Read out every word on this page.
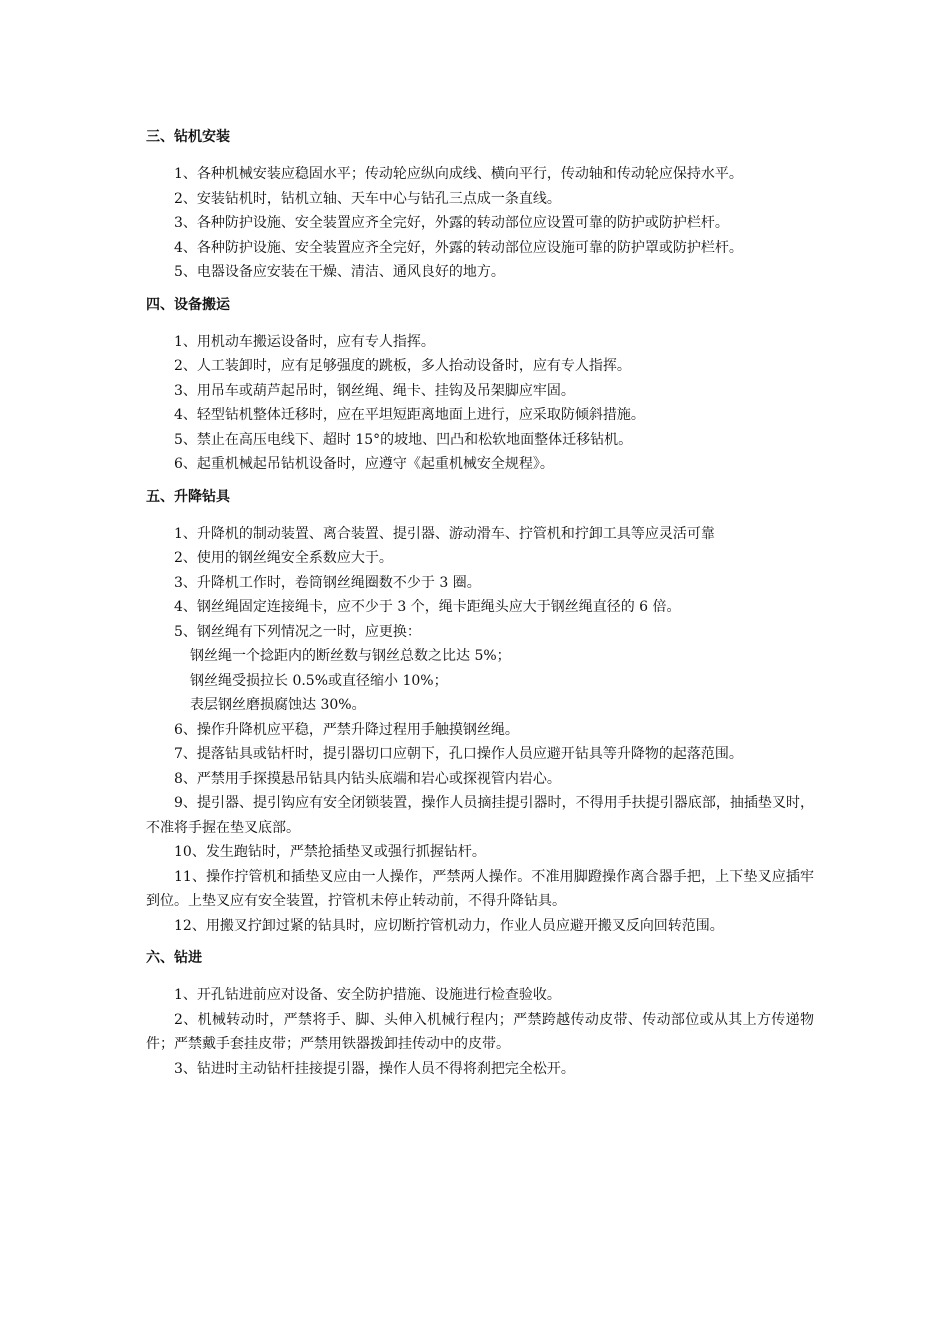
三、钻机安装

1、各种机械安装应稳固水平；传动轮应纵向成线、横向平行，传动轴和传动轮应保持水平。

2、安装钻机时，钻机立轴、天车中心与钻孔三点成一条直线。

3、各种防护设施、安全装置应齐全完好，外露的转动部位应设置可靠的防护或防护栏杆。

4、各种防护设施、安全装置应齐全完好，外露的转动部位应设施可靠的防护罩或防护栏杆。

5、电器设备应安装在干燥、清洁、通风良好的地方。

四、设备搬运

1、用机动车搬运设备时，应有专人指挥。

2、人工装卸时，应有足够强度的跳板，多人抬动设备时，应有专人指挥。

3、用吊车或葫芦起吊时，钢丝绳、绳卡、挂钩及吊架脚应牢固。

4、轻型钻机整体迁移时，应在平坦短距离地面上进行，应采取防倾斜措施。

5、禁止在高压电线下、超时 15°的坡地、凹凸和松软地面整体迁移钻机。

6、起重机械起吊钻机设备时，应遵守《起重机械安全规程》。

五、升降钻具

1、升降机的制动装置、离合装置、提引器、游动滑车、拧管机和拧卸工具等应灵活可靠

2、使用的钢丝绳安全系数应大于。

3、升降机工作时，卷筒钢丝绳圈数不少于 3 圈。

4、钢丝绳固定连接绳卡，应不少于 3 个，绳卡距绳头应大于钢丝绳直径的 6 倍。

5、钢丝绳有下列情况之一时，应更换：

钢丝绳一个捻距内的断丝数与钢丝总数之比达 5%；

钢丝绳受损拉长 0.5%或直径缩小 10%；

表层钢丝磨损腐蚀达 30%。

6、操作升降机应平稳，严禁升降过程用手触摸钢丝绳。

7、提落钻具或钻杆时，提引器切口应朝下，孔口操作人员应避开钻具等升降物的起落范围。

8、严禁用手探摸悬吊钻具内钻头底端和岩心或探视管内岩心。

9、提引器、提引钩应有安全闭锁装置，操作人员摘挂提引器时，不得用手扶提引器底部，抽插垫叉时，不准将手握在垫叉底部。

10、发生跑钻时，严禁抢插垫叉或强行抓握钻杆。

11、操作拧管机和插垫叉应由一人操作，严禁两人操作。不准用脚蹬操作离合器手把，上下垫叉应插牢到位。上垫叉应有安全装置，拧管机未停止转动前，不得升降钻具。

12、用搬叉拧卸过紧的钻具时，应切断拧管机动力，作业人员应避开搬叉反向回转范围。

六、钻进

1、开孔钻进前应对设备、安全防护措施、设施进行检查验收。

2、机械转动时，严禁将手、脚、头伸入机械行程内；严禁跨越传动皮带、传动部位或从其上方传递物件；严禁戴手套挂皮带；严禁用铁器拨卸挂传动中的皮带。

3、钻进时主动钻杆挂接提引器，操作人员不得将刹把完全松开。
